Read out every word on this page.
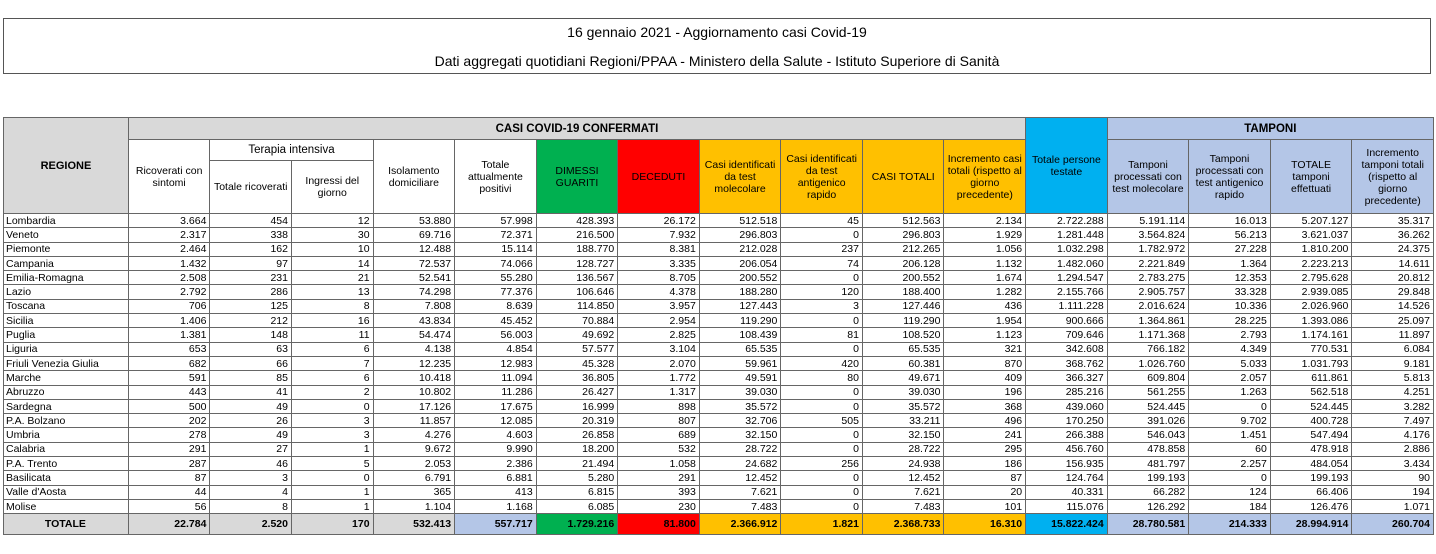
16 gennaio 2021 - Aggiornamento casi Covid-19
Dati aggregati quotidiani Regioni/PPAA - Ministero della Salute - Istituto Superiore di Sanità
REGIONE	CASI COVID-19 CONFERMATI											Totale persone testate	TAMPONI			
	Ricoverati con sintomi	Terapia intensiva		Isolamento domiciliare	Totale attualmente positivi	DIMESSI GUARITI	DECEDUTI	Casi identificati da test molecolare	Casi identificati da test antigenico rapido	CASI TOTALI	Incremento casi totali (rispetto al giorno precedente)		Tamponi processati con test molecolare	Tamponi processati con test antigenico rapido	TOTALE tamponi effettuati	Incremento tamponi totali (rispetto al giorno precedente)
		Totale ricoverati	Ingressi del giorno													
Lombardia	3.664	454	12	53.880	57.998	428.393	26.172	512.518	45	512.563	2.134	2.722.288	5.191.114	16.013	5.207.127	35.317
Veneto	2.317	338	30	69.716	72.371	216.500	7.932	296.803	0	296.803	1.929	1.281.448	3.564.824	56.213	3.621.037	36.262
Piemonte	2.464	162	10	12.488	15.114	188.770	8.381	212.028	237	212.265	1.056	1.032.298	1.782.972	27.228	1.810.200	24.375
Campania	1.432	97	14	72.537	74.066	128.727	3.335	206.054	74	206.128	1.132	1.482.060	2.221.849	1.364	2.223.213	14.611
Emilia-Romagna	2.508	231	21	52.541	55.280	136.567	8.705	200.552	0	200.552	1.674	1.294.547	2.783.275	12.353	2.795.628	20.812
Lazio	2.792	286	13	74.298	77.376	106.646	4.378	188.280	120	188.400	1.282	2.155.766	2.905.757	33.328	2.939.085	29.848
Toscana	706	125	8	7.808	8.639	114.850	3.957	127.443	3	127.446	436	1.111.228	2.016.624	10.336	2.026.960	14.526
Sicilia	1.406	212	16	43.834	45.452	70.884	2.954	119.290	0	119.290	1.954	900.666	1.364.861	28.225	1.393.086	25.097
Puglia	1.381	148	11	54.474	56.003	49.692	2.825	108.439	81	108.520	1.123	709.646	1.171.368	2.793	1.174.161	11.897
Liguria	653	63	6	4.138	4.854	57.577	3.104	65.535	0	65.535	321	342.608	766.182	4.349	770.531	6.084
Friuli Venezia Giulia	682	66	7	12.235	12.983	45.328	2.070	59.961	420	60.381	870	368.762	1.026.760	5.033	1.031.793	9.181
Marche	591	85	6	10.418	11.094	36.805	1.772	49.591	80	49.671	409	366.327	609.804	2.057	611.861	5.813
Abruzzo	443	41	2	10.802	11.286	26.427	1.317	39.030	0	39.030	196	285.216	561.255	1.263	562.518	4.251
Sardegna	500	49	0	17.126	17.675	16.999	898	35.572	0	35.572	368	439.060	524.445	0	524.445	3.282
P.A. Bolzano	202	26	3	11.857	12.085	20.319	807	32.706	505	33.211	496	170.250	391.026	9.702	400.728	7.497
Umbria	278	49	3	4.276	4.603	26.858	689	32.150	0	32.150	241	266.388	546.043	1.451	547.494	4.176
Calabria	291	27	1	9.672	9.990	18.200	532	28.722	0	28.722	295	456.760	478.858	60	478.918	2.886
P.A. Trento	287	46	5	2.053	2.386	21.494	1.058	24.682	256	24.938	186	156.935	481.797	2.257	484.054	3.434
Basilicata	87	3	0	6.791	6.881	5.280	291	12.452	0	12.452	87	124.764	199.193	0	199.193	90
Valle d'Aosta	44	4	1	365	413	6.815	393	7.621	0	7.621	20	40.331	66.282	124	66.406	194
Molise	56	8	1	1.104	1.168	6.085	230	7.483	0	7.483	101	115.076	126.292	184	126.476	1.071
TOTALE	22.784	2.520	170	532.413	557.717	1.729.216	81.800	2.366.912	1.821	2.368.733	16.310	15.822.424	28.780.581	214.333	28.994.914	260.704
